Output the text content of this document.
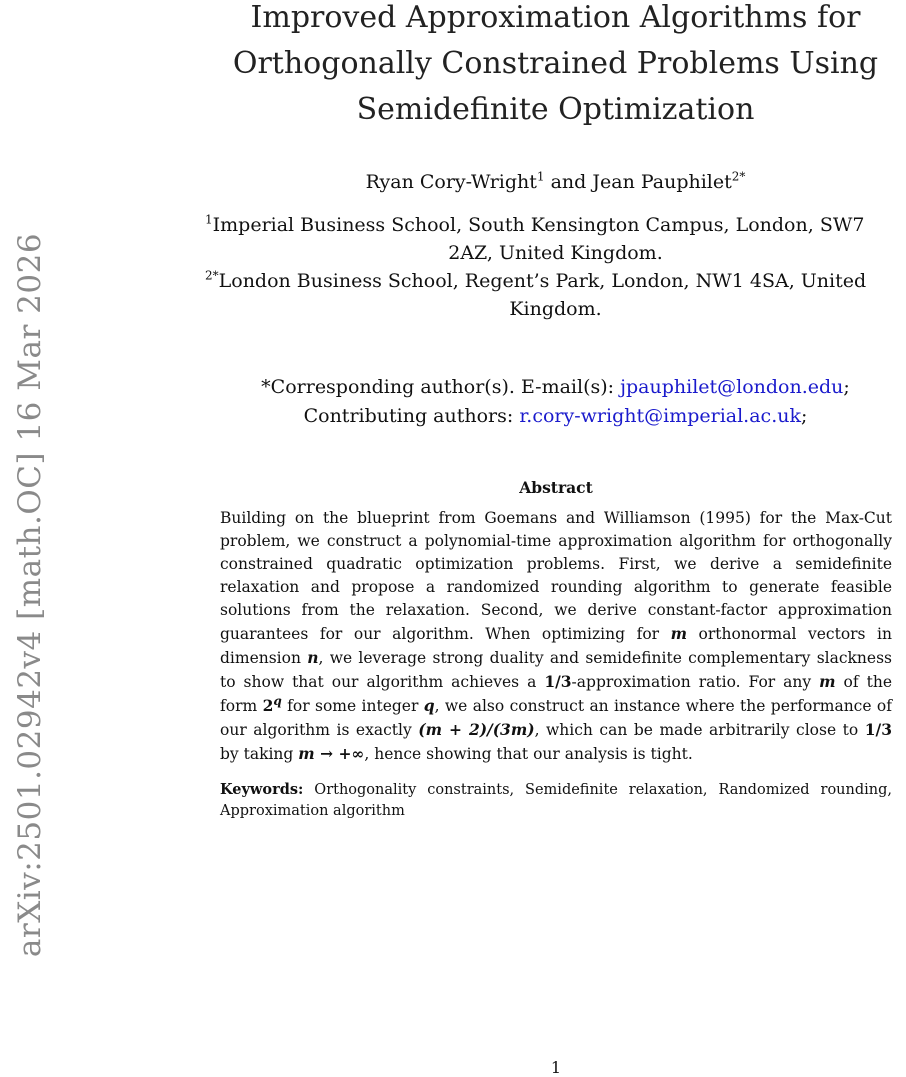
arXiv:2501.02942v4 [math.OC] 16 Mar 2026
Improved Approximation Algorithms for
Orthogonally Constrained Problems Using
Semidefinite Optimization
Ryan Cory-Wright$^1$ and Jean Pauphilet$^{2*}$
$^1$Imperial Business School, South Kensington Campus, London, SW7
2AZ, United Kingdom.
$^{2*}$London Business School, Regent’s Park, London, NW1 4SA, United
Kingdom.
*Corresponding author(s). E-mail(s): jpauphilet@london.edu;
Contributing authors: r.cory-wright@imperial.ac.uk;
Abstract
Building on the blueprint from Goemans and Williamson (1995) for the Max-Cut problem, we construct a polynomial-time approximation algorithm for orthogonally constrained quadratic optimization problems. First, we derive a semidefinite relaxation and propose a randomized rounding algorithm to generate feasible solutions from the relaxation. Second, we derive constant-factor approximation guarantees for our algorithm. When optimizing for m orthonormal vectors in dimension n, we leverage strong duality and semidefinite complementary slackness to show that our algorithm achieves a 1/3-approximation ratio. For any m of the form 2$^q$ for some integer q, we also construct an instance where the performance of our algorithm is exactly (m + 2)/(3m), which can be made arbitrarily close to 1/3 by taking m → +∞, hence showing that our analysis is tight.
Keywords: Orthogonality constraints, Semidefinite relaxation, Randomized rounding, Approximation algorithm
1
